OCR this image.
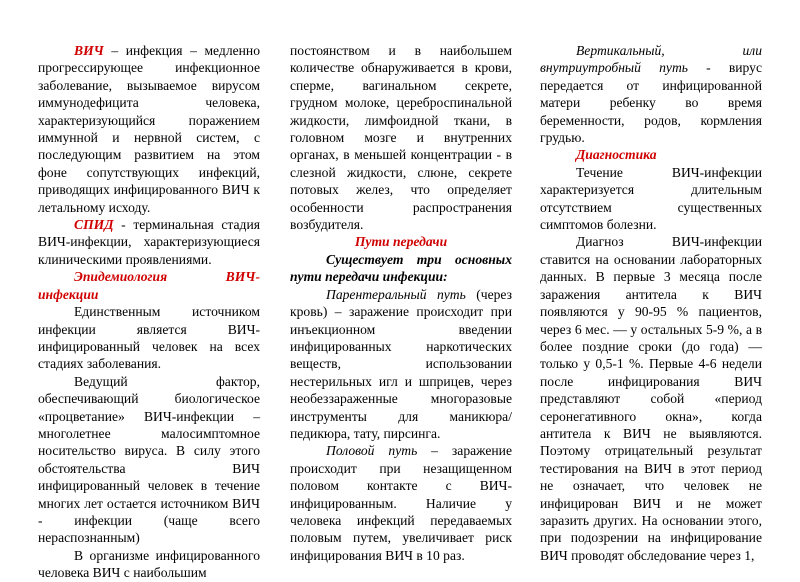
ВИЧ – инфекция – медленно прогрессирующее инфекционное заболевание, вызываемое вирусом иммунодефицита человека, характеризующийся поражением иммунной и нервной систем, с последующим развитием на этом фоне сопутствующих инфекций, приводящих инфицированного ВИЧ к летальному исходу.

СПИД - терминальная стадия ВИЧ-инфекции, характеризующиеся клиническими проявлениями.

Эпидемиология ВИЧ-инфекции

Единственным источником инфекции является ВИЧ-инфицированный человек на всех стадиях заболевания.

Ведущий фактор, обеспечивающий биологическое «процветание» ВИЧ-инфекции – многолетнее малосимптомное носительство вируса. В силу этого обстоятельства ВИЧ инфицированный человек в течение многих лет остается источником ВИЧ - инфекции (чаще всего нераспознанным)

В организме инфицированного человека ВИЧ с наибольшим

постоянством и в наибольшем количестве обнаруживается в крови, сперме, вагинальном секрете, грудном молоке, цереброспинальной жидкости, лимфоидной ткани, в головном мозге и внутренних органах, в меньшей концентрации - в слезной жидкости, слюне, секрете потовых желез, что определяет особенности распространения возбудителя.

Пути передачи

Существует три основных пути передачи инфекции:

Парентеральный путь (через кровь) – заражение происходит при инъекционном введении инфицированных наркотических веществ, использовании нестерильных игл и шприцев, через необеззараженные многоразовые инструменты для маникюра/ педикюра, тату, пирсинга.

Половой путь – заражение происходит при незащищенном половом контакте с ВИЧ-инфицированным. Наличие у человека инфекций передаваемых половым путем, увеличивает риск инфицирования ВИЧ в 10 раз.

Вертикальный, или внутриутробный путь - вирус передается от инфицированной матери ребенку во время беременности, родов, кормления грудью.

Диагностика

Течение ВИЧ-инфекции характеризуется длительным отсутствием существенных симптомов болезни.

Диагноз ВИЧ-инфекции ставится на основании лабораторных данных. В первые 3 месяца после заражения антитела к ВИЧ появляются у 90-95 % пациентов, через 6 мес. — у остальных 5-9 %, а в более поздние сроки (до года) — только у 0,5-1 %. Первые 4-6 недели после инфицирования ВИЧ представляют собой «период серонегативного окна», когда антитела к ВИЧ не выявляются. Поэтому отрицательный результат тестирования на ВИЧ в этот период не означает, что человек не инфицирован ВИЧ и не может заразить других. На основании этого, при подозрении на инфицирование ВИЧ проводят обследование через 1,
